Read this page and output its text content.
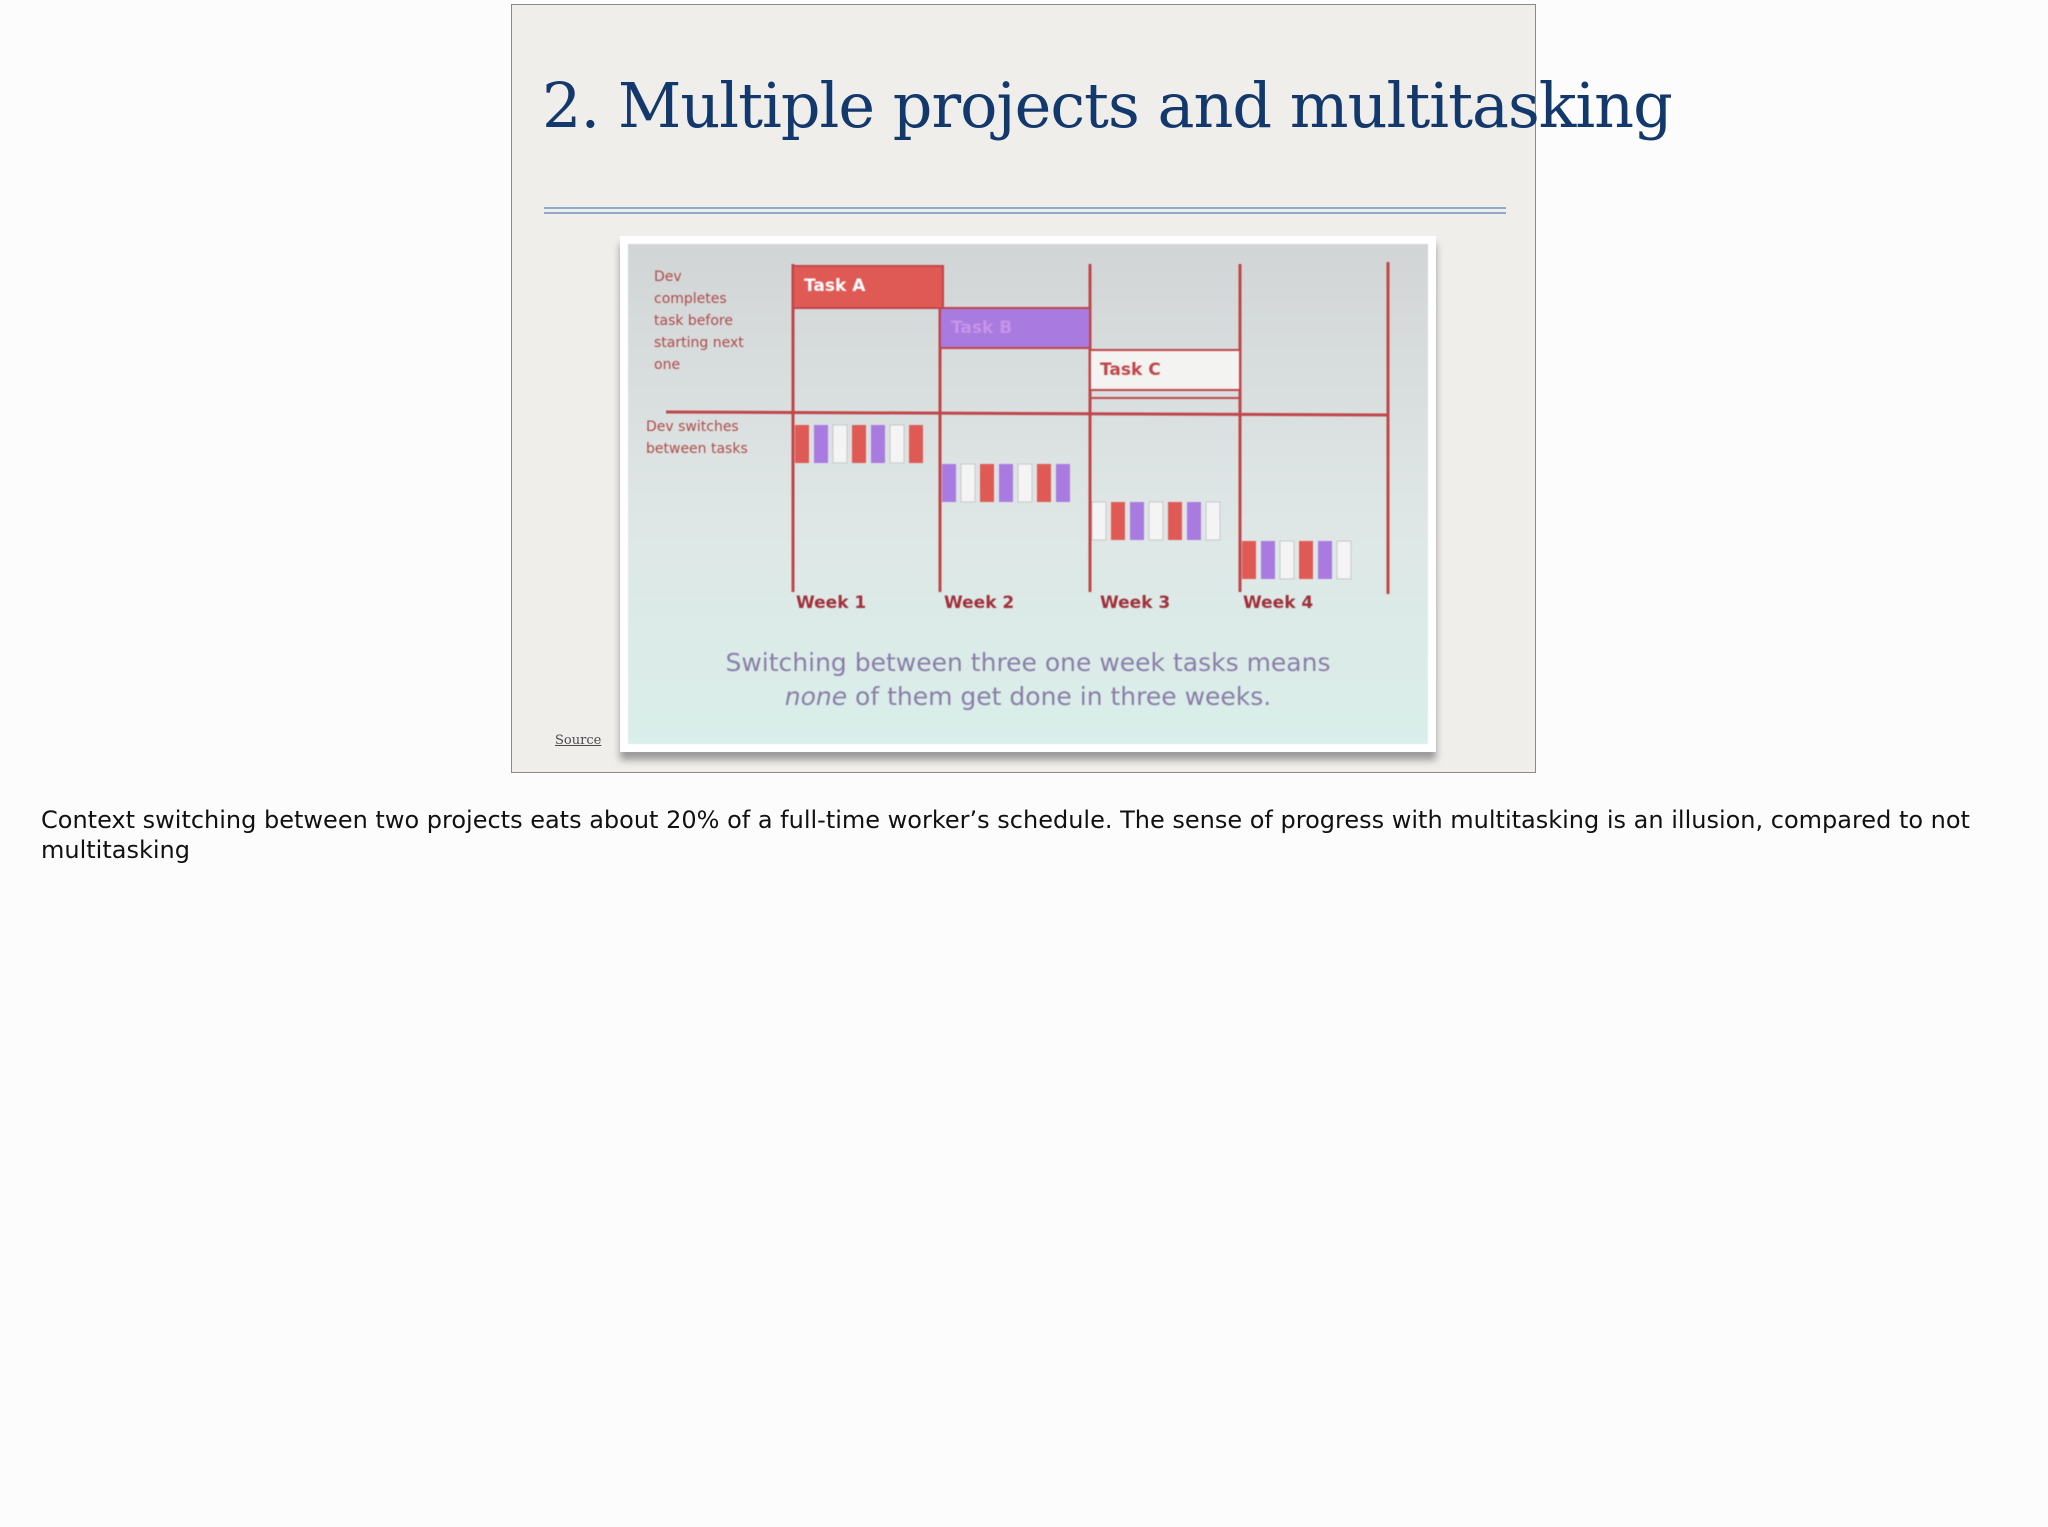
2. Multiple projects and multitasking
Dev
completes
task before
starting next
one
Dev switches
between tasks
Task A
Task B
Task C
Week 1	Week 2	Week 3	Week 4
Switching between three one week tasks means
none of them get done in three weeks.
Source

Context switching between two projects eats about 20% of a full-time worker’s schedule. The sense of progress with multitasking is an illusion, compared to not multitasking
